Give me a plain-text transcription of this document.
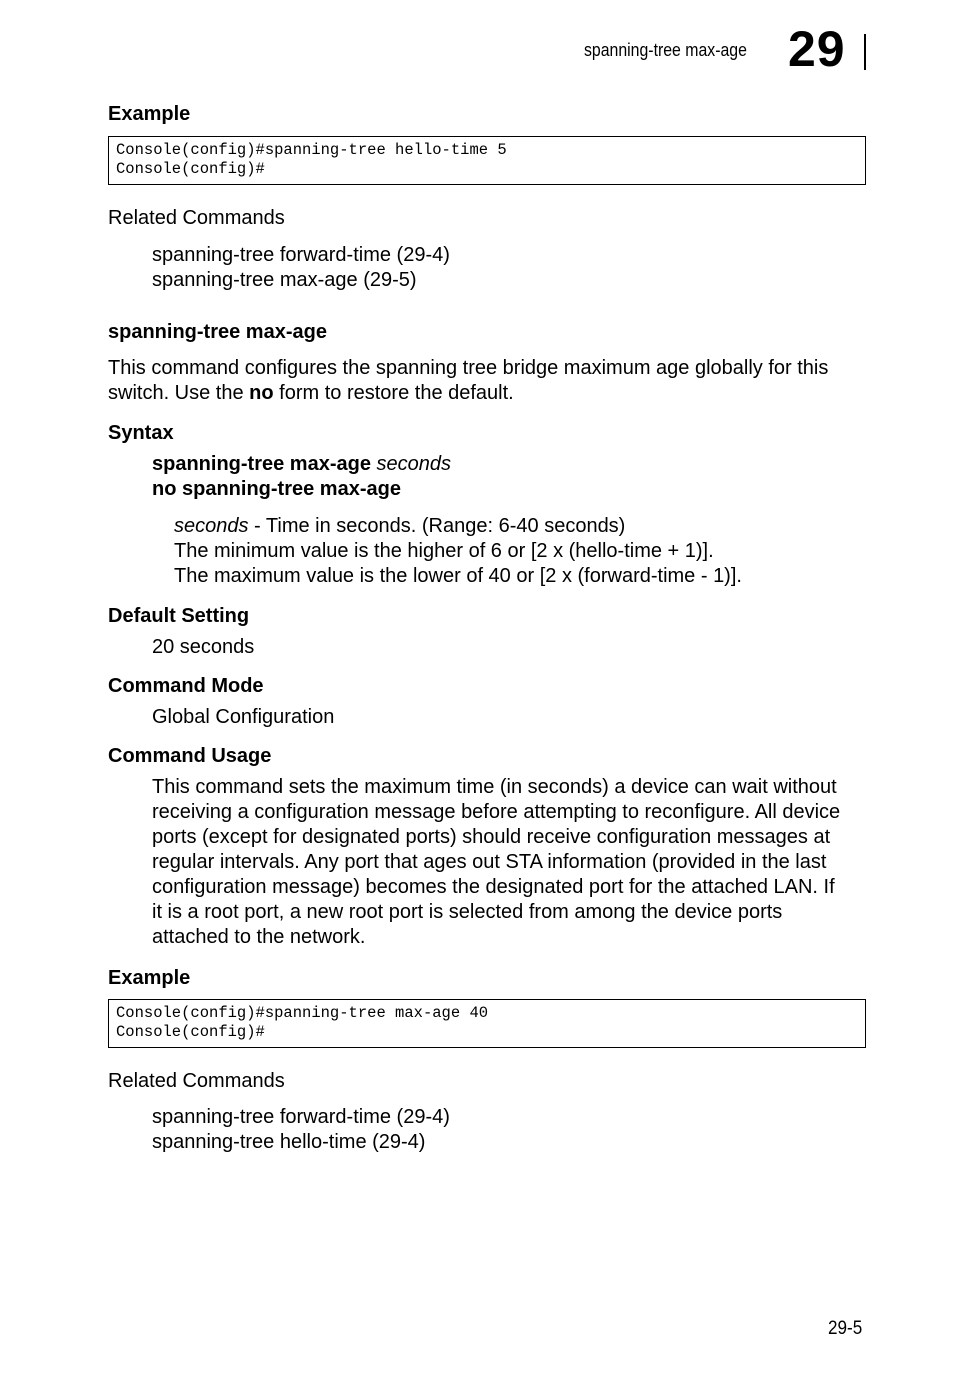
spanning-tree max-age 29
Example
Console(config)#spanning-tree hello-time 5
Console(config)#
Related Commands
spanning-tree forward-time (29-4)
spanning-tree max-age (29-5)
spanning-tree max-age
This command configures the spanning tree bridge maximum age globally for this
switch. Use the no form to restore the default.
Syntax
spanning-tree max-age seconds
no spanning-tree max-age
seconds - Time in seconds. (Range: 6-40 seconds)
The minimum value is the higher of 6 or [2 x (hello-time + 1)].
The maximum value is the lower of 40 or [2 x (forward-time - 1)].
Default Setting
20 seconds
Command Mode
Global Configuration
Command Usage
This command sets the maximum time (in seconds) a device can wait without
receiving a configuration message before attempting to reconfigure. All device
ports (except for designated ports) should receive configuration messages at
regular intervals. Any port that ages out STA information (provided in the last
configuration message) becomes the designated port for the attached LAN. If
it is a root port, a new root port is selected from among the device ports
attached to the network.
Example
Console(config)#spanning-tree max-age 40
Console(config)#
Related Commands
spanning-tree forward-time (29-4)
spanning-tree hello-time (29-4)
29-5
